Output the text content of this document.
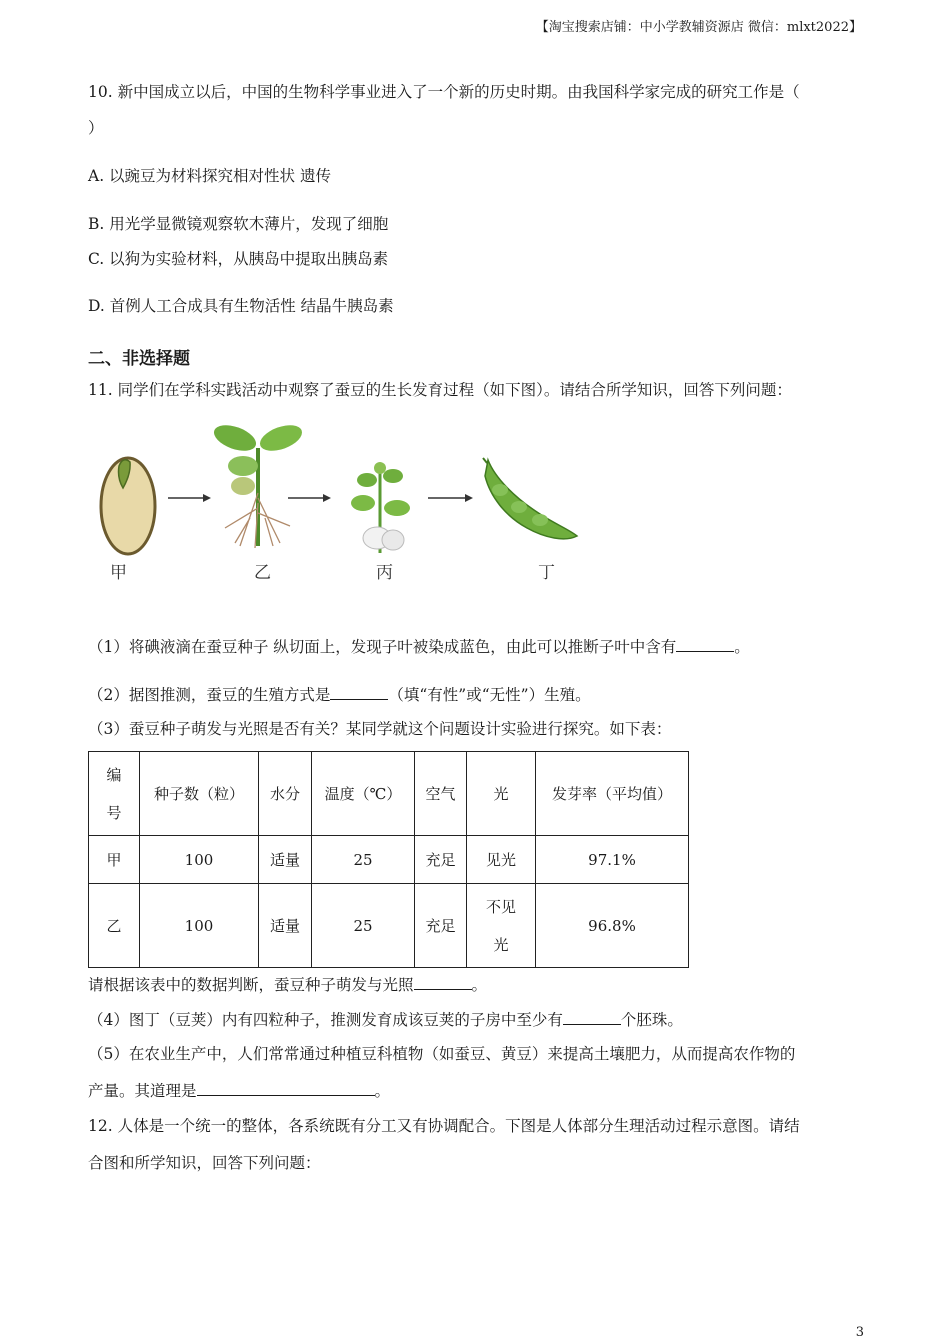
【淘宝搜索店铺：中小学教辅资源店 微信：mlxt2022】
10. 新中国成立以后，中国的生物科学事业进入了一个新的历史时期。由我国科学家完成的研究工作是（
）
A. 以豌豆为材料探究相对性状 遗传
B. 用光学显微镜观察软木薄片，发现了细胞
C. 以狗为实验材料，从胰岛中提取出胰岛素
D. 首例人工合成具有生物活性 结晶牛胰岛素
二、非选择题
11. 同学们在学科实践活动中观察了蚕豆的生长发育过程（如下图）。请结合所学知识，回答下列问题：
甲	乙	丙	丁
（1）将碘液滴在蚕豆种子 纵切面上，发现子叶被染成蓝色，由此可以推断子叶中含有	。
（2）据图推测，蚕豆的生殖方式是	（填“有性”或“无性”）生殖。
（3）蚕豆种子萌发与光照是否有关？某同学就这个问题设计实验进行探究。如下表：
编号	种子数（粒）	水分	温度（℃）	空气	光	发芽率（平均值）
甲	100	适量	25	充足	见光	97.1%
乙	100	适量	25	充足	不见光	96.8%
请根据该表中的数据判断，蚕豆种子萌发与光照	。
（4）图丁（豆荚）内有四粒种子，推测发育成该豆荚的子房中至少有	个胚珠。
（5）在农业生产中，人们常常通过种植豆科植物（如蚕豆、黄豆）来提高土壤肥力，从而提高农作物的
产量。其道理是	。
12. 人体是一个统一的整体，各系统既有分工又有协调配合。下图是人体部分生理活动过程示意图。请结
合图和所学知识，回答下列问题：
3
